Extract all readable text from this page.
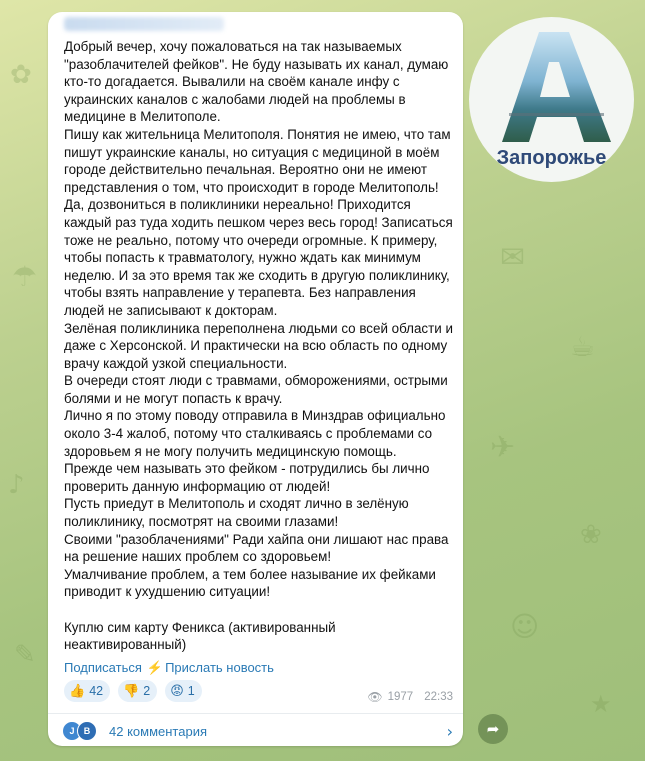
✿
☂
♪
✎
✉
☕
✈
❀
☺
★
Запорожье

Добрый вечер, хочу пожаловаться на так называемых "разоблачителей фейков". Не буду называть их канал, думаю кто-то догадается. Вывалили на своём канале инфу с украинских каналов с жалобами людей на проблемы в медицине в Мелитополе.

Пишу как жительница Мелитополя. Понятия не имею, что там пишут украинские каналы, но ситуация с медициной в моём городе действительно печальная. Вероятно они не имеют представления о том, что происходит в городе Мелитополь! Да, дозвониться в поликлиники нереально! Приходится каждый раз туда ходить пешком через весь город! Записаться тоже не реально, потому что очереди огромные. К примеру, чтобы попасть к травматологу, нужно ждать как минимум неделю. И за это время так же сходить в другую поликлинику, чтобы взять направление у терапевта. Без направления людей не записывают к докторам.

Зелёная поликлиника переполнена людьми со всей области и даже с Херсонской. И практически на всю область по одному врачу каждой узкой специальности.

В очереди стоят люди с травмами, обморожениями, острыми болями и не могут попасть к врачу.

Лично я по этому поводу отправила в Минздрав официально около 3-4 жалоб, потому что сталкиваясь с проблемами со здоровьем я не могу получить медицинскую помощь.

Прежде чем называть это фейком - потрудились бы лично проверить данную информацию от людей!

Пусть приедут в Мелитополь и сходят лично в зелёную поликлинику, посмотрят на своими глазами!

Своими "разоблачениями" Ради хайпа они лишают нас права на решение наших проблем со здоровьем!

Умалчивание проблем, а тем более называние их фейками приводит к ухудшению ситуации!

Куплю сим карту Феникса (активированный
неактивированный)

Подписаться ⚡ Прислать новость
👍 42 👎 2 😡 1	👁 1977 22:33
J	B	42 комментария	› ➦
